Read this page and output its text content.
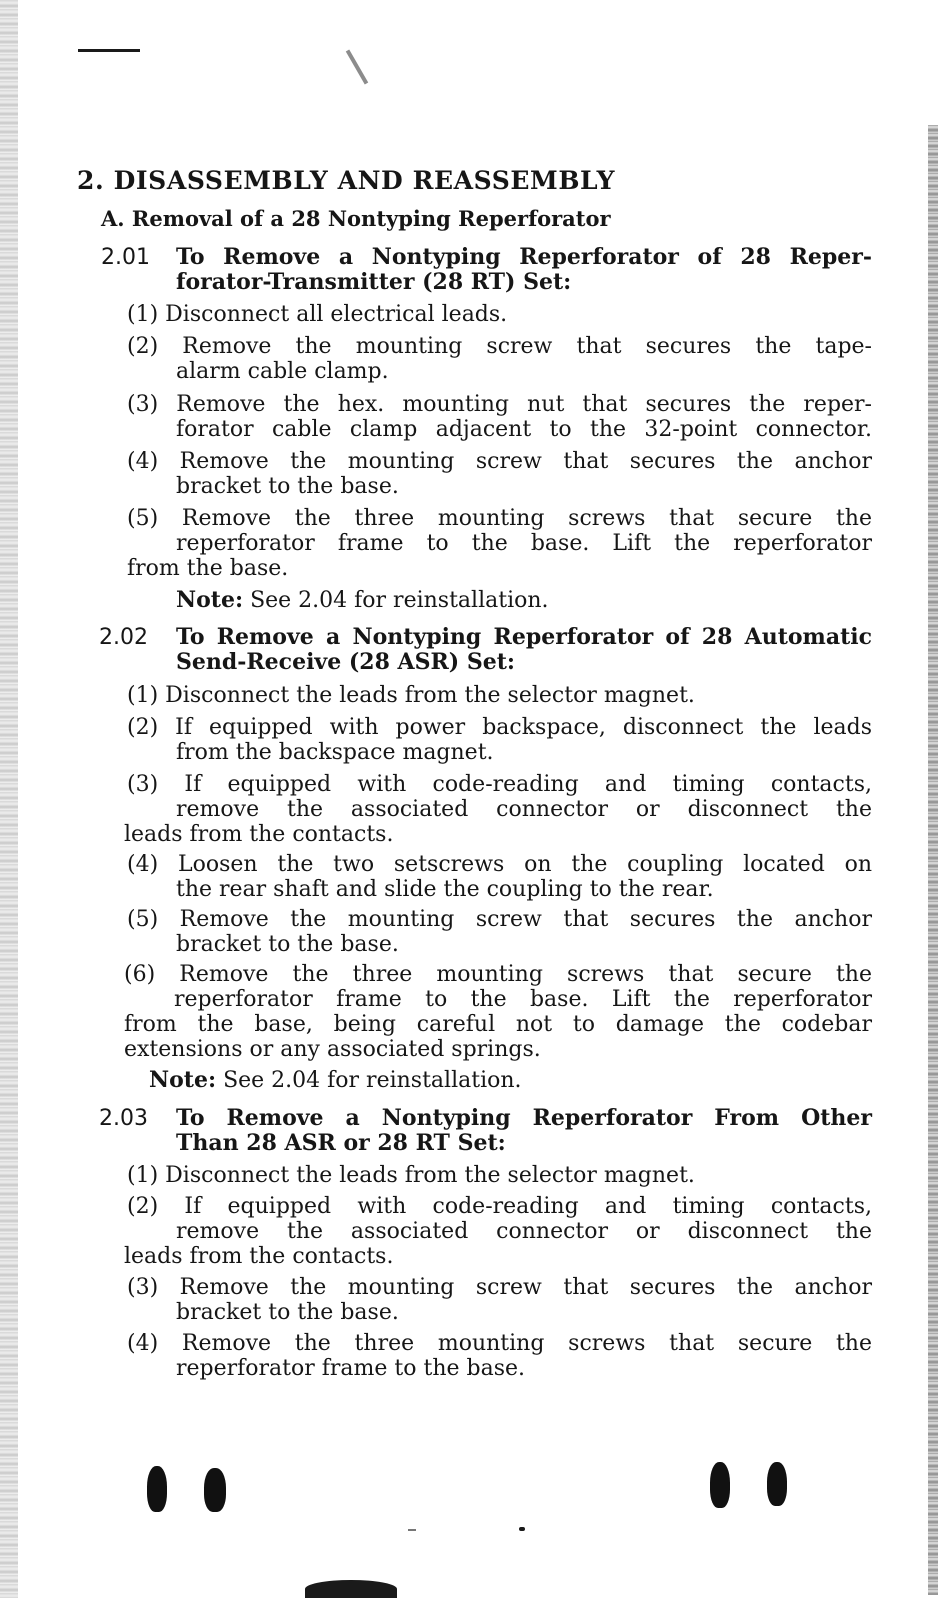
2. DISASSEMBLY AND REASSEMBLY
A. Removal of a 28 Nontyping Reperforator
2.01 To Remove a Nontyping Reperforator of 28 Reper-
forator-Transmitter (28 RT) Set:
(1) Disconnect all electrical leads.
(2) Remove the mounting screw that secures the tape-
alarm cable clamp.
(3) Remove the hex. mounting nut that secures the reper-
forator cable clamp adjacent to the 32-point connector.
(4) Remove the mounting screw that secures the anchor
bracket to the base.
(5) Remove the three mounting screws that secure the
reperforator frame to the base. Lift the reperforator
from the base.
Note: See 2.04 for reinstallation.
2.02 To Remove a Nontyping Reperforator of 28 Automatic
Send-Receive (28 ASR) Set:
(1) Disconnect the leads from the selector magnet.
(2) If equipped with power backspace, disconnect the leads
from the backspace magnet.
(3) If equipped with code-reading and timing contacts,
remove the associated connector or disconnect the
leads from the contacts.
(4) Loosen the two setscrews on the coupling located on
the rear shaft and slide the coupling to the rear.
(5) Remove the mounting screw that secures the anchor
bracket to the base.
(6) Remove the three mounting screws that secure the
reperforator frame to the base. Lift the reperforator
from the base, being careful not to damage the codebar
extensions or any associated springs.
Note: See 2.04 for reinstallation.
2.03 To Remove a Nontyping Reperforator From Other
Than 28 ASR or 28 RT Set:
(1) Disconnect the leads from the selector magnet.
(2) If equipped with code-reading and timing contacts,
remove the associated connector or disconnect the
leads from the contacts.
(3) Remove the mounting screw that secures the anchor
bracket to the base.
(4) Remove the three mounting screws that secure the
reperforator frame to the base.
